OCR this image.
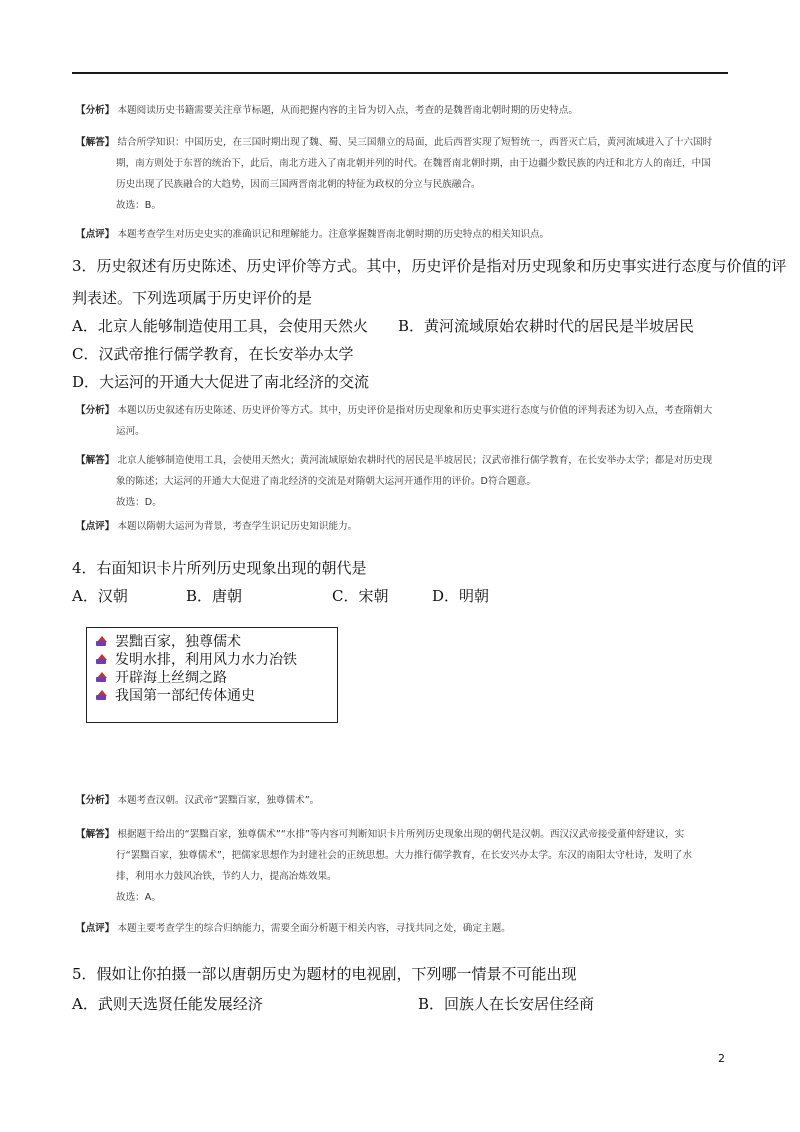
【分析】 本题阅读历史书籍需要关注章节标题，从而把握内容的主旨为切入点，考查的是魏晋南北朝时期的历史特点。
【解答】 结合所学知识：中国历史，在三国时期出现了魏、蜀、吴三国鼎立的局面，此后西晋实现了短暂统一，西晋灭亡后，黄河流域进入了十六国时
期，南方则处于东晋的统治下，此后，南北方进入了南北朝并列的时代。在魏晋南北朝时期，由于边疆少数民族的内迁和北方人的南迁，中国
历史出现了民族融合的大趋势，因而三国两晋南北朝的特征为政权的分立与民族融合。
故选：B。
【点评】 本题考查学生对历史史实的准确识记和理解能力。注意掌握魏晋南北朝时期的历史特点的相关知识点。
3．历史叙述有历史陈述、历史评价等方式。其中，历史评价是指对历史现象和历史事实进行态度与价值的评
判表述。下列选项属于历史评价的是
A．北京人能够制造使用工具，会使用天然火 B．黄河流域原始农耕时代的居民是半坡居民
C．汉武帝推行儒学教育，在长安举办太学
D．大运河的开通大大促进了南北经济的交流
【分析】 本题以历史叙述有历史陈述、历史评价等方式。其中，历史评价是指对历史现象和历史事实进行态度与价值的评判表述为切入点，考查隋朝大
运河。
【解答】 北京人能够制造使用工具，会使用天然火；黄河流域原始农耕时代的居民是半坡居民；汉武帝推行儒学教育，在长安举办太学；都是对历史现
象的陈述；大运河的开通大大促进了南北经济的交流是对隋朝大运河开通作用的评价。D符合题意。
故选：D。
【点评】 本题以隋朝大运河为背景，考查学生识记历史知识能力。
4．右面知识卡片所列历史现象出现的朝代是
A．汉朝	B．唐朝	C．宋朝	D．明朝
罢黜百家，独尊儒术
发明水排，利用风力水力冶铁
开辟海上丝绸之路
我国第一部纪传体通史
【分析】 本题考查汉朝。汉武帝“罢黜百家，独尊儒术”。
【解答】 根据题干给出的“罢黜百家，独尊儒术”“水排”等内容可判断知识卡片所列历史现象出现的朝代是汉朝。西汉汉武帝接受董仲舒建议，实
行“罢黜百家，独尊儒术”，把儒家思想作为封建社会的正统思想。大力推行儒学教育，在长安兴办太学。东汉的南阳太守杜诗，发明了水
排，利用水力鼓风冶铁，节约人力，提高冶炼效果。
故选：A。
【点评】 本题主要考查学生的综合归纳能力，需要全面分析题干相关内容，寻找共同之处，确定主题。
5．假如让你拍摄一部以唐朝历史为题材的电视剧，下列哪一情景不可能出现
A．武则天选贤任能发展经济	B．回族人在长安居住经商
2
